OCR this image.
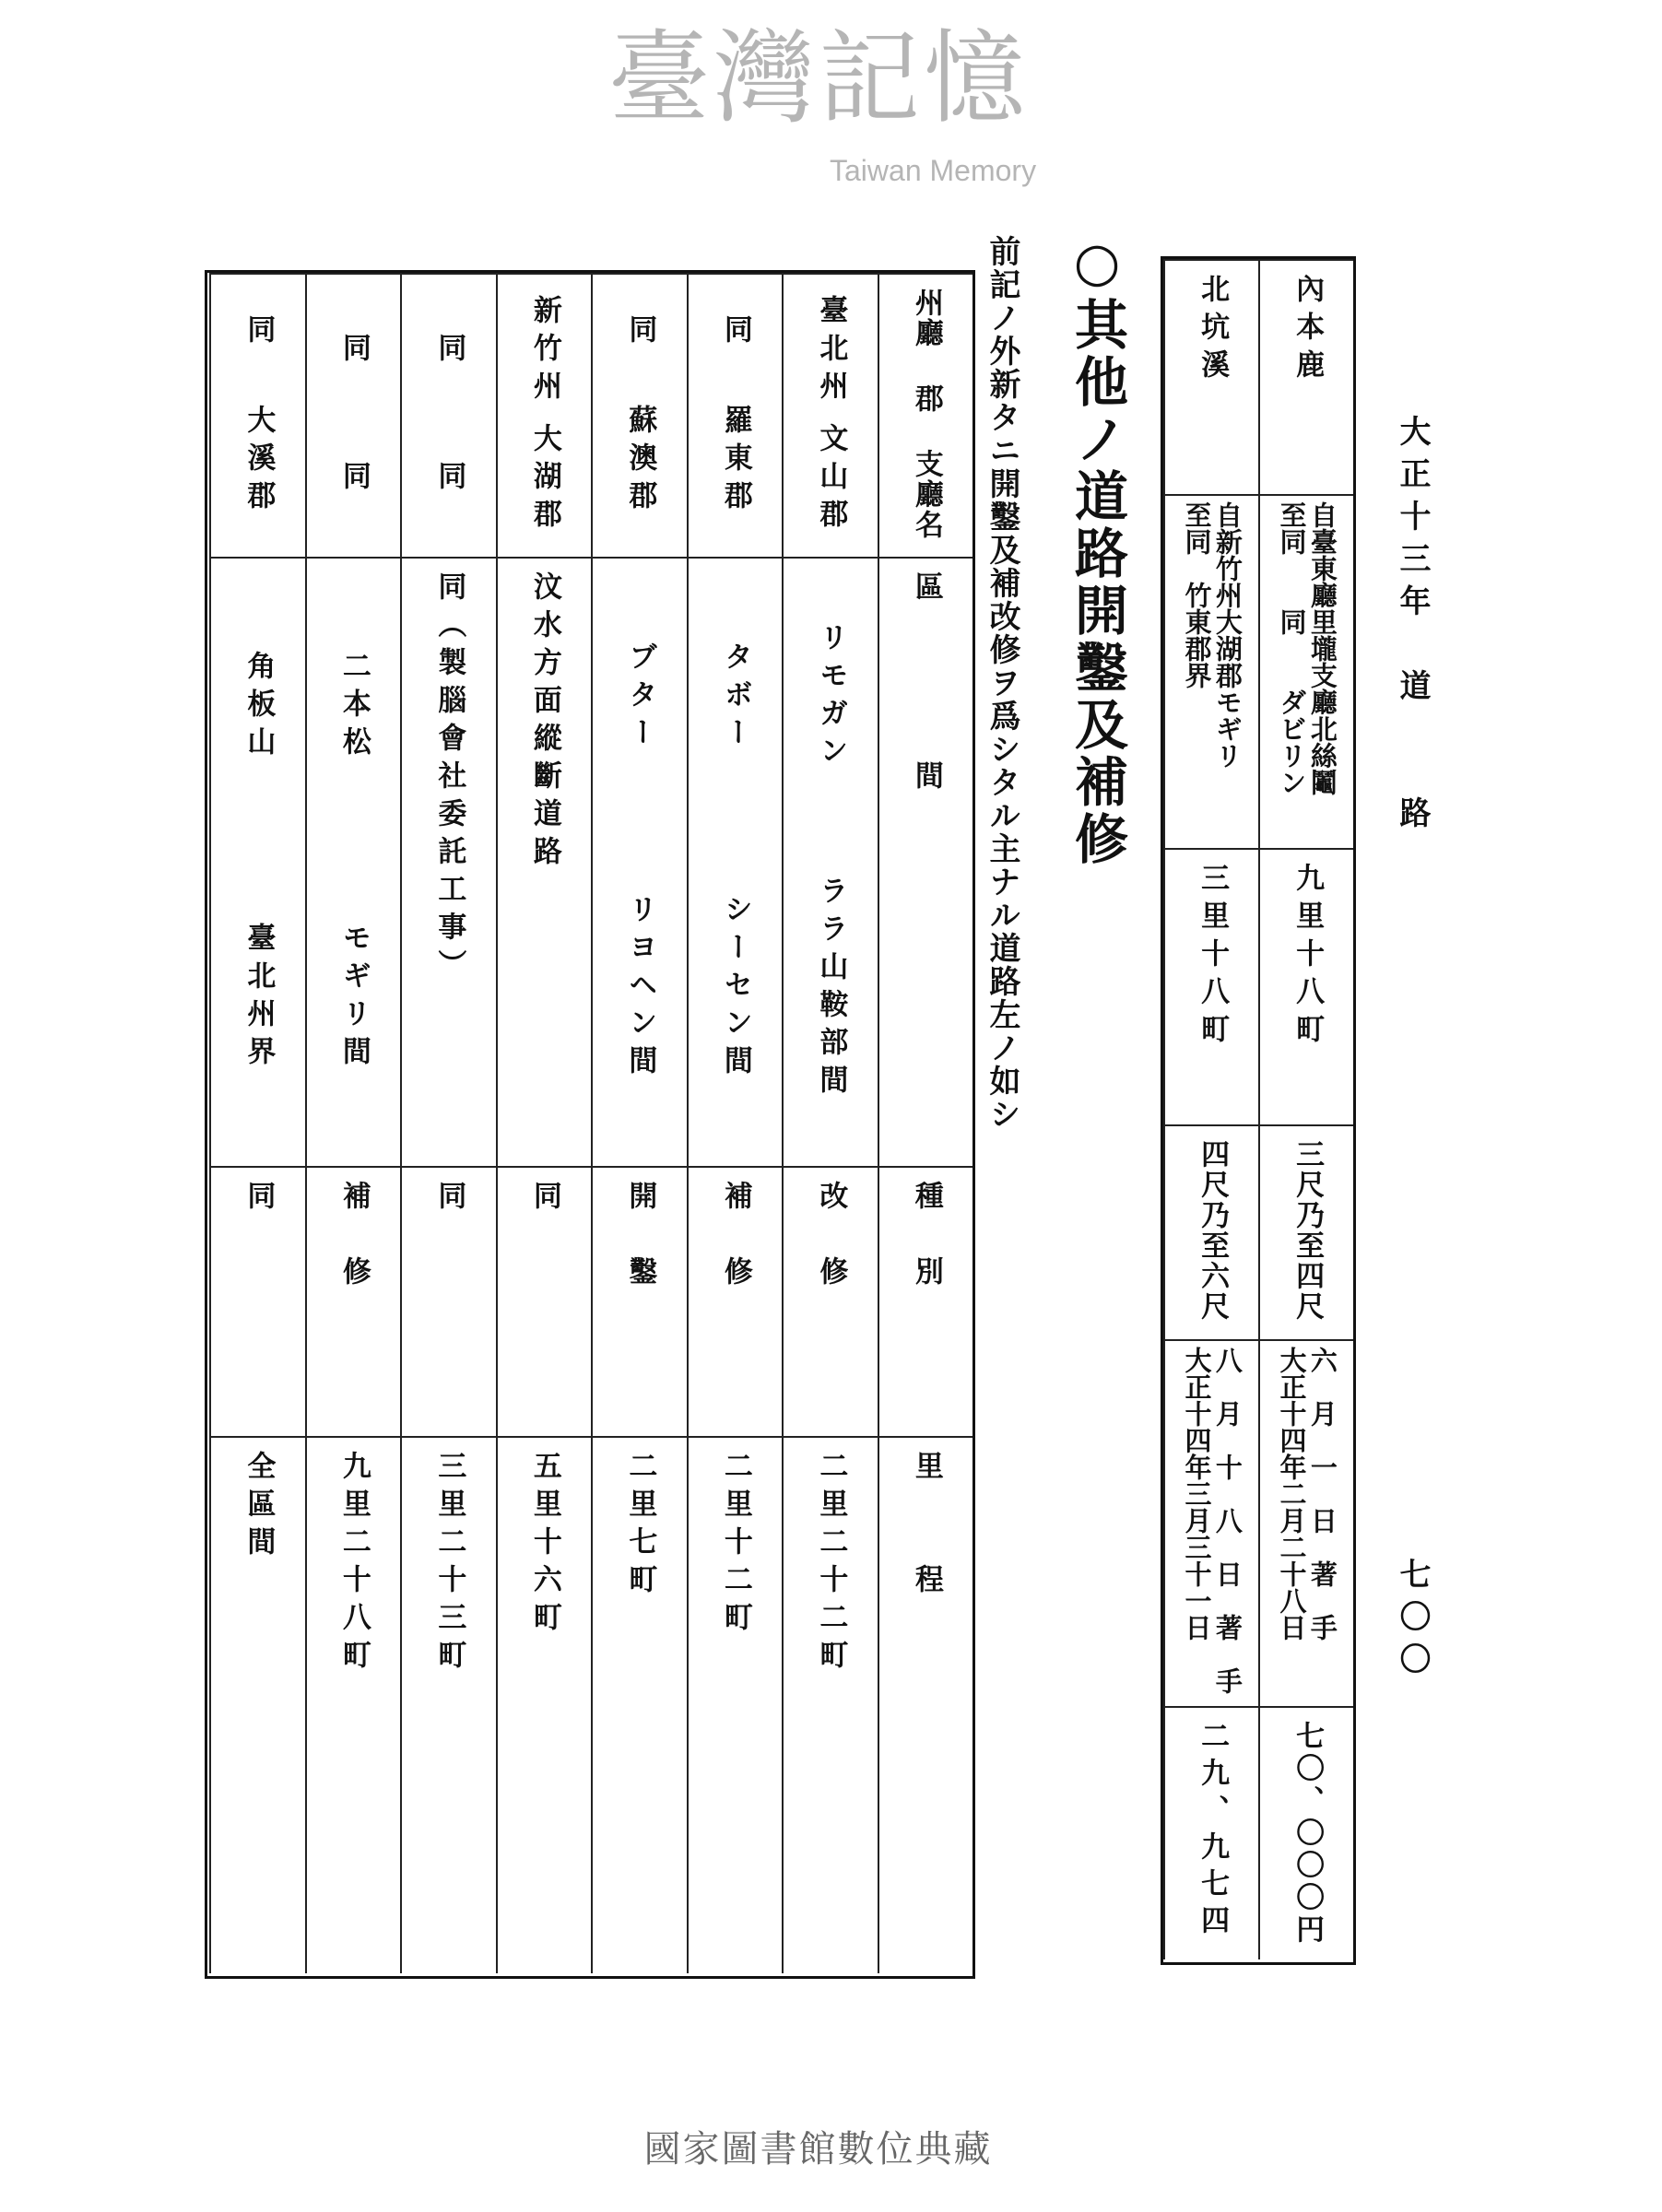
大正十三年　道　　路
七〇〇
內本鹿
自臺東廳里壠支廳北絲鬮
至同　　同　　ダビリン
九里十八町
三尺乃至四尺
六　月　一　日　著　手
大正十四年二月二十八日
七〇、〇〇〇円
北坑溪
自新竹州大湖郡モギリ
至同　竹東郡界
三里十八町
四尺乃至六尺
八　月　十　八　日　著　手
大正十四年三月三十一日
二九、九七四
○其他ノ道路開鑿及補修
前記ノ外新タニ開鑿及補改修ヲ爲シタル主ナル道路左ノ如シ
州廳 郡 支廳名
區　　　　間
種　別
里　　程
臺北州
文山郡
リモガン
ララ山鞍部間
改　修
二里二十二町
同
羅東郡
タボー
シーセン間
補　修
二里十二町
同
蘇澳郡
ブター
リヨヘン間
開　鑿
二里七町
新竹州
大湖郡
汶水方面縱斷道路
同
五里十六町
同
同
同（製腦會社委託工事）
同
三里二十三町
同
同
二本松
モギリ間
補　修
九里二十八町
同
大溪郡
角板山
臺北州界
同
全區間
臺灣記憶
Taiwan Memory
國家圖書館數位典藏
